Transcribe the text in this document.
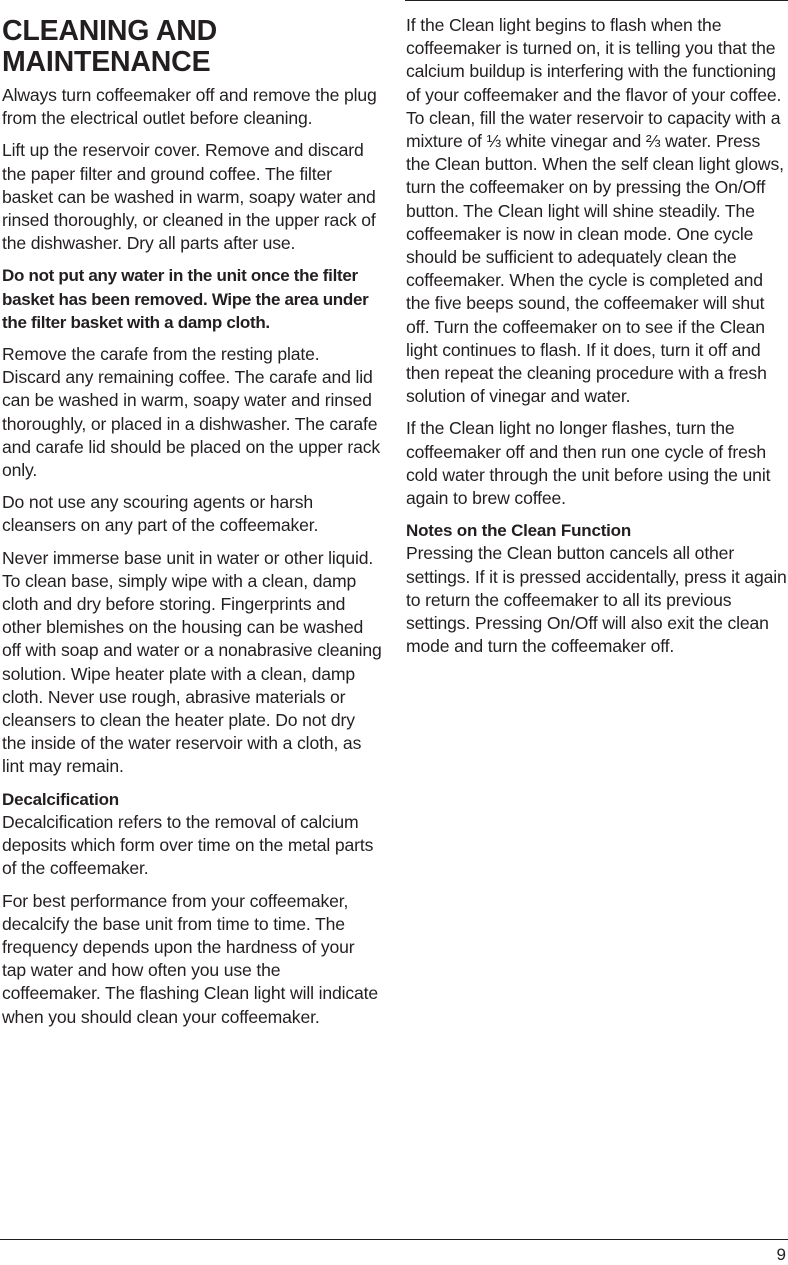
CLEANING AND MAINTENANCE

Always turn coffeemaker off and remove the plug from the electrical outlet before cleaning.

Lift up the reservoir cover. Remove and discard the paper filter and ground coffee. The filter basket can be washed in warm, soapy water and rinsed thoroughly, or cleaned in the upper rack of the dishwasher. Dry all parts after use.

Do not put any water in the unit once the filter basket has been removed. Wipe the area under the filter basket with a damp cloth.

Remove the carafe from the resting plate. Discard any remaining coffee. The carafe and lid can be washed in warm, soapy water and rinsed thoroughly, or placed in a dishwasher. The carafe and carafe lid should be placed on the upper rack only.

Do not use any scouring agents or harsh cleansers on any part of the coffeemaker.

Never immerse base unit in water or other liquid. To clean base, simply wipe with a clean, damp cloth and dry before storing. Fingerprints and other blemishes on the housing can be washed off with soap and water or a nonabrasive cleaning solution. Wipe heater plate with a clean, damp cloth. Never use rough, abrasive materials or cleansers to clean the heater plate. Do not dry the inside of the water reservoir with a cloth, as lint may remain.

Decalcification
Decalcification refers to the removal of calcium deposits which form over time on the metal parts of the coffeemaker.

For best performance from your coffeemaker, decalcify the base unit from time to time. The frequency depends upon the hardness of your tap water and how often you use the coffeemaker. The flashing Clean light will indicate when you should clean your coffeemaker.

If the Clean light begins to flash when the coffeemaker is turned on, it is telling you that the calcium buildup is interfering with the functioning of your coffeemaker and the flavor of your coffee. To clean, fill the water reservoir to capacity with a mixture of ⅓ white vinegar and ⅔ water. Press the Clean button. When the self clean light glows, turn the coffeemaker on by pressing the On/Off button. The Clean light will shine steadily. The coffeemaker is now in clean mode. One cycle should be sufficient to adequately clean the coffeemaker. When the cycle is completed and the five beeps sound, the coffeemaker will shut off. Turn the coffeemaker on to see if the Clean light continues to flash. If it does, turn it off and then repeat the cleaning procedure with a fresh solution of vinegar and water.

If the Clean light no longer flashes, turn the coffeemaker off and then run one cycle of fresh cold water through the unit before using the unit again to brew coffee.

Notes on the Clean Function
Pressing the Clean button cancels all other settings. If it is pressed accidentally, press it again to return the coffeemaker to all its previous settings. Pressing On/Off will also exit the clean mode and turn the coffeemaker off.

9
